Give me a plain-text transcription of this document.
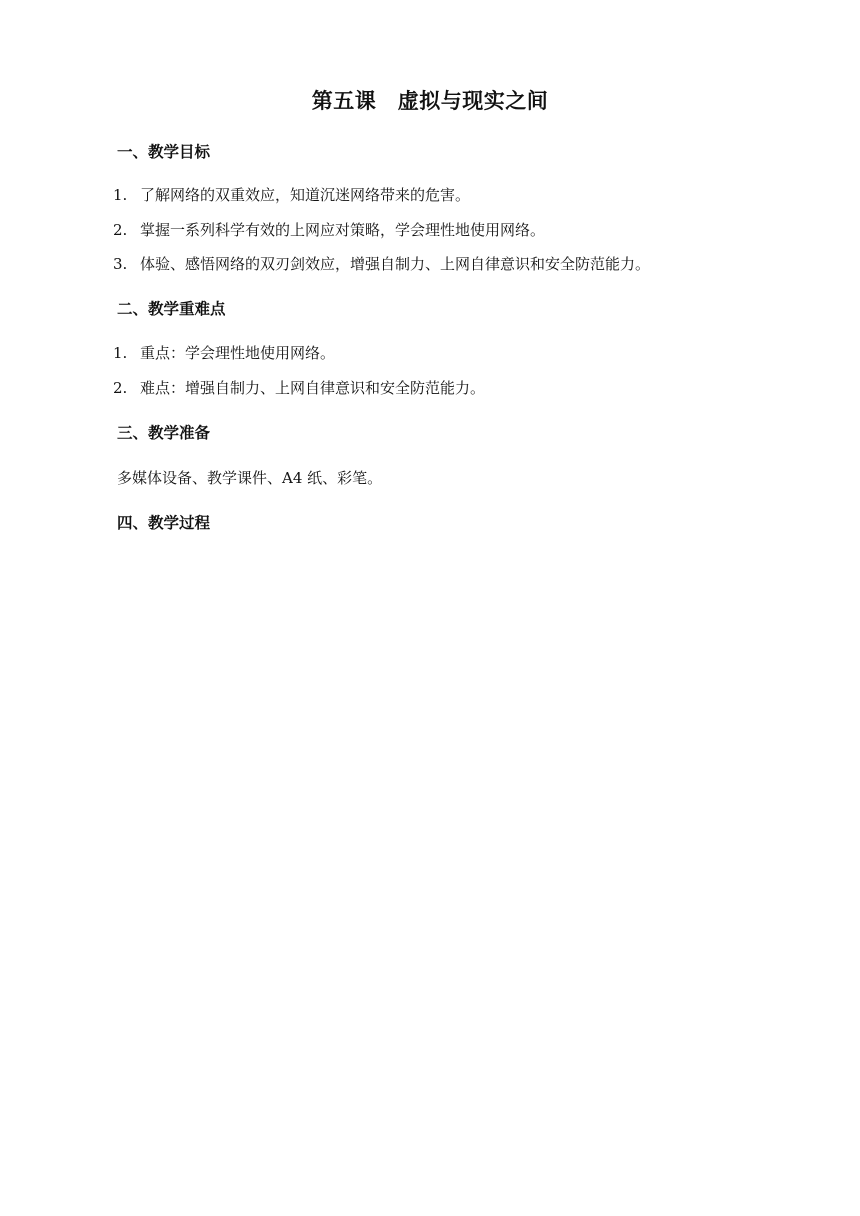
第五课　虚拟与现实之间
一、教学目标
1. 了解网络的双重效应，知道沉迷网络带来的危害。
2. 掌握一系列科学有效的上网应对策略，学会理性地使用网络。
3. 体验、感悟网络的双刃剑效应，增强自制力、上网自律意识和安全防范能力。
二、教学重难点
1. 重点：学会理性地使用网络。
2. 难点：增强自制力、上网自律意识和安全防范能力。
三、教学准备
多媒体设备、教学课件、A4 纸、彩笔。
四、教学过程
